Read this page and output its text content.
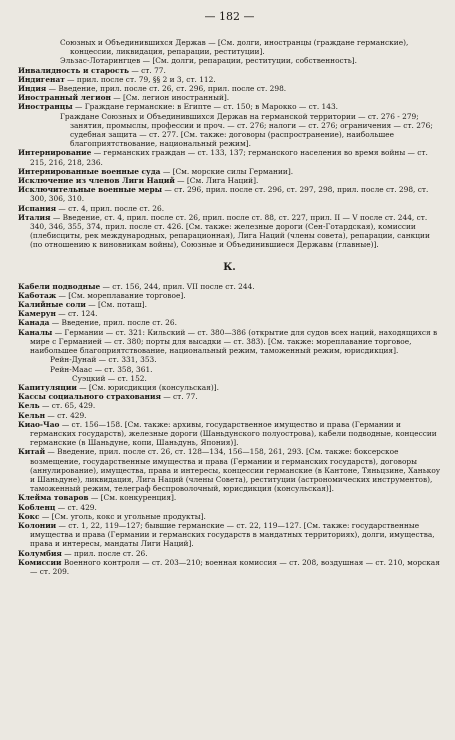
— 182 —

Союзных и Объединившихся Держав — [См. долги, иностранцы (граждане германские), концессии, ликвидация, репарации, реституции].

Эльзас-Лотарингцев — [См. долги, репарации, реституции, собственность].

Инвалидность и старость — ст. 77.

Индигенат — прил. после ст. 79, §§ 2 и 3, ст. 112.

Индия — Введение, прил. после ст. 26, ст. 296, прил. после ст. 298.

Иностранный легион — [См. легион иностранный].

Иностранцы — Граждане германские: в Египте — ст. 150; в Марокко — ст. 143.

Граждане Союзных и Объединившихся Держав на германской территории — ст. 276 - 279; занятия, промыслы, профессии и проч. — ст. 276; налоги — ст. 276; ограничения — ст. 276; судебная защита — ст. 277. [См. также: договоры (распространение), наибольшее благоприятствование, национальный режим].

Интернирование — германских граждан — ст. 133, 137; германского населения во время войны — ст. 215, 216, 218, 236.

Интернированные военные суда — [См. морские силы Германии].

Исключение из членов Лиги Наций — [См. Лига Наций].

Исключительные военные меры — ст. 296, прил. после ст. 296, ст. 297, 298, прил. после ст. 298, ст. 300, 306, 310.

Испания — ст. 4, прил. после ст. 26.

Италия — Введение, ст. 4, прил. после ст. 26, прил. после ст. 88, ст. 227, прил. II — V после ст. 244, ст. 340, 346, 355, 374, прил. после ст. 426. [См. также: железные дороги (Сен-Готардская), комиссии (плебисциты, рек международных, репарационная), Лига Наций (члены совета), репарации, санкции (по отношению к виновникам войны), Союзные и Объединившиеся Державы (главные)].

К.

Кабели подводные — ст. 156, 244, прил. VII после ст. 244.

Каботаж — [См. мореплавание торговое].

Калийные соли — [См. поташ].

Камерун — ст. 124.

Канада — Введение, прил. после ст. 26.

Каналы — Германии — ст. 321: Кильский — ст. 380—386 (открытие для судов всех наций, находящихся в мире с Германией — ст. 380; порты для высадки — ст. 383). [См. также: мореплавание торговое, наибольшее благоприятствование, национальный режим, таможенный режим, юрисдикция].

Рейн-Дунай — ст. 331, 353.

Рейн-Маас — ст. 358, 361.

Суэцкий — ст. 152.

Капитуляции — [См. юрисдикция (консульская)].

Кассы социального страхования — ст. 77.

Кель — ст. 65, 429.

Кельн — ст. 429.

Киао-Чао — ст. 156—158. [См. также: архивы, государственное имущество и права (Германии и германских государств), железные дороги (Шаньдунского полуострова), кабели подводные, концессии германские (в Шаньдуне, копи, Шаньдунь, Япония)].

Китай — Введение, прил. после ст. 26, ст. 128—134, 156—158, 261, 293. [См. также: боксерское возмещение, государственные имущества и права (Германии и германских государств), договоры (аннулирование), имущества, права и интересы, концессии германские (в Кантоне, Тяньцзине, Ханькоу и Шаньдуне), ликвидация, Лига Наций (члены Совета), реституции (астрономических инструментов), таможенный режим, телеграф беспроволочный, юрисдикция (консульская)].

Клейма товаров — [См. конкуренция].

Кобленц — ст. 429.

Кокс — [См. уголь, кокс и угольные продукты].

Колонии — ст. 1, 22, 119—127; бывшие германские — ст. 22, 119—127. [См. также: государственные имущества и права (Германии и германских государств в мандатных территориях), долги, имущества, права и интересы, мандаты Лиги Наций].

Колумбия — прил. после ст. 26.

Комиссии Военного контроля — ст. 203—210; военная комиссия — ст. 208, воздушная — ст. 210, морская — ст. 209.
